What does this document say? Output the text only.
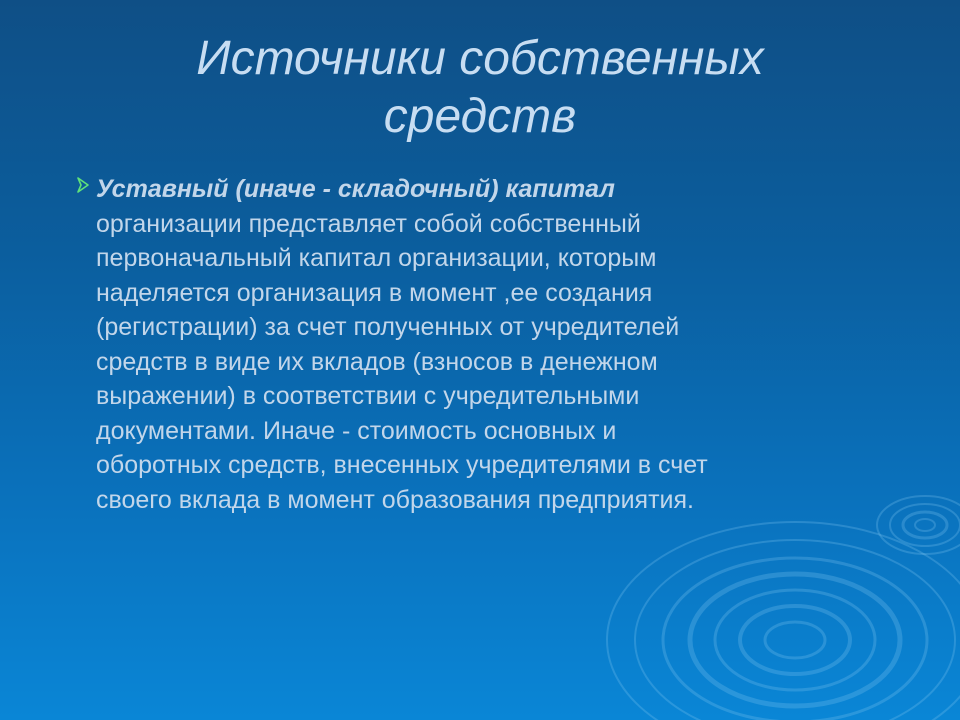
Источники собственных
средств

Уставный (иначе - складочный) капитал
организации представляет собой собственный
первоначальный капитал организации, которым
наделяется организация в момент ,ее создания
(регистрации) за счет полученных от учредителей
средств в виде их вкладов (взносов в денежном
выражении) в соответствии с учредительными
документами. Иначе - стоимость основных и
оборотных средств, внесенных учредителями в счет
своего вклада в момент образования предприятия.
